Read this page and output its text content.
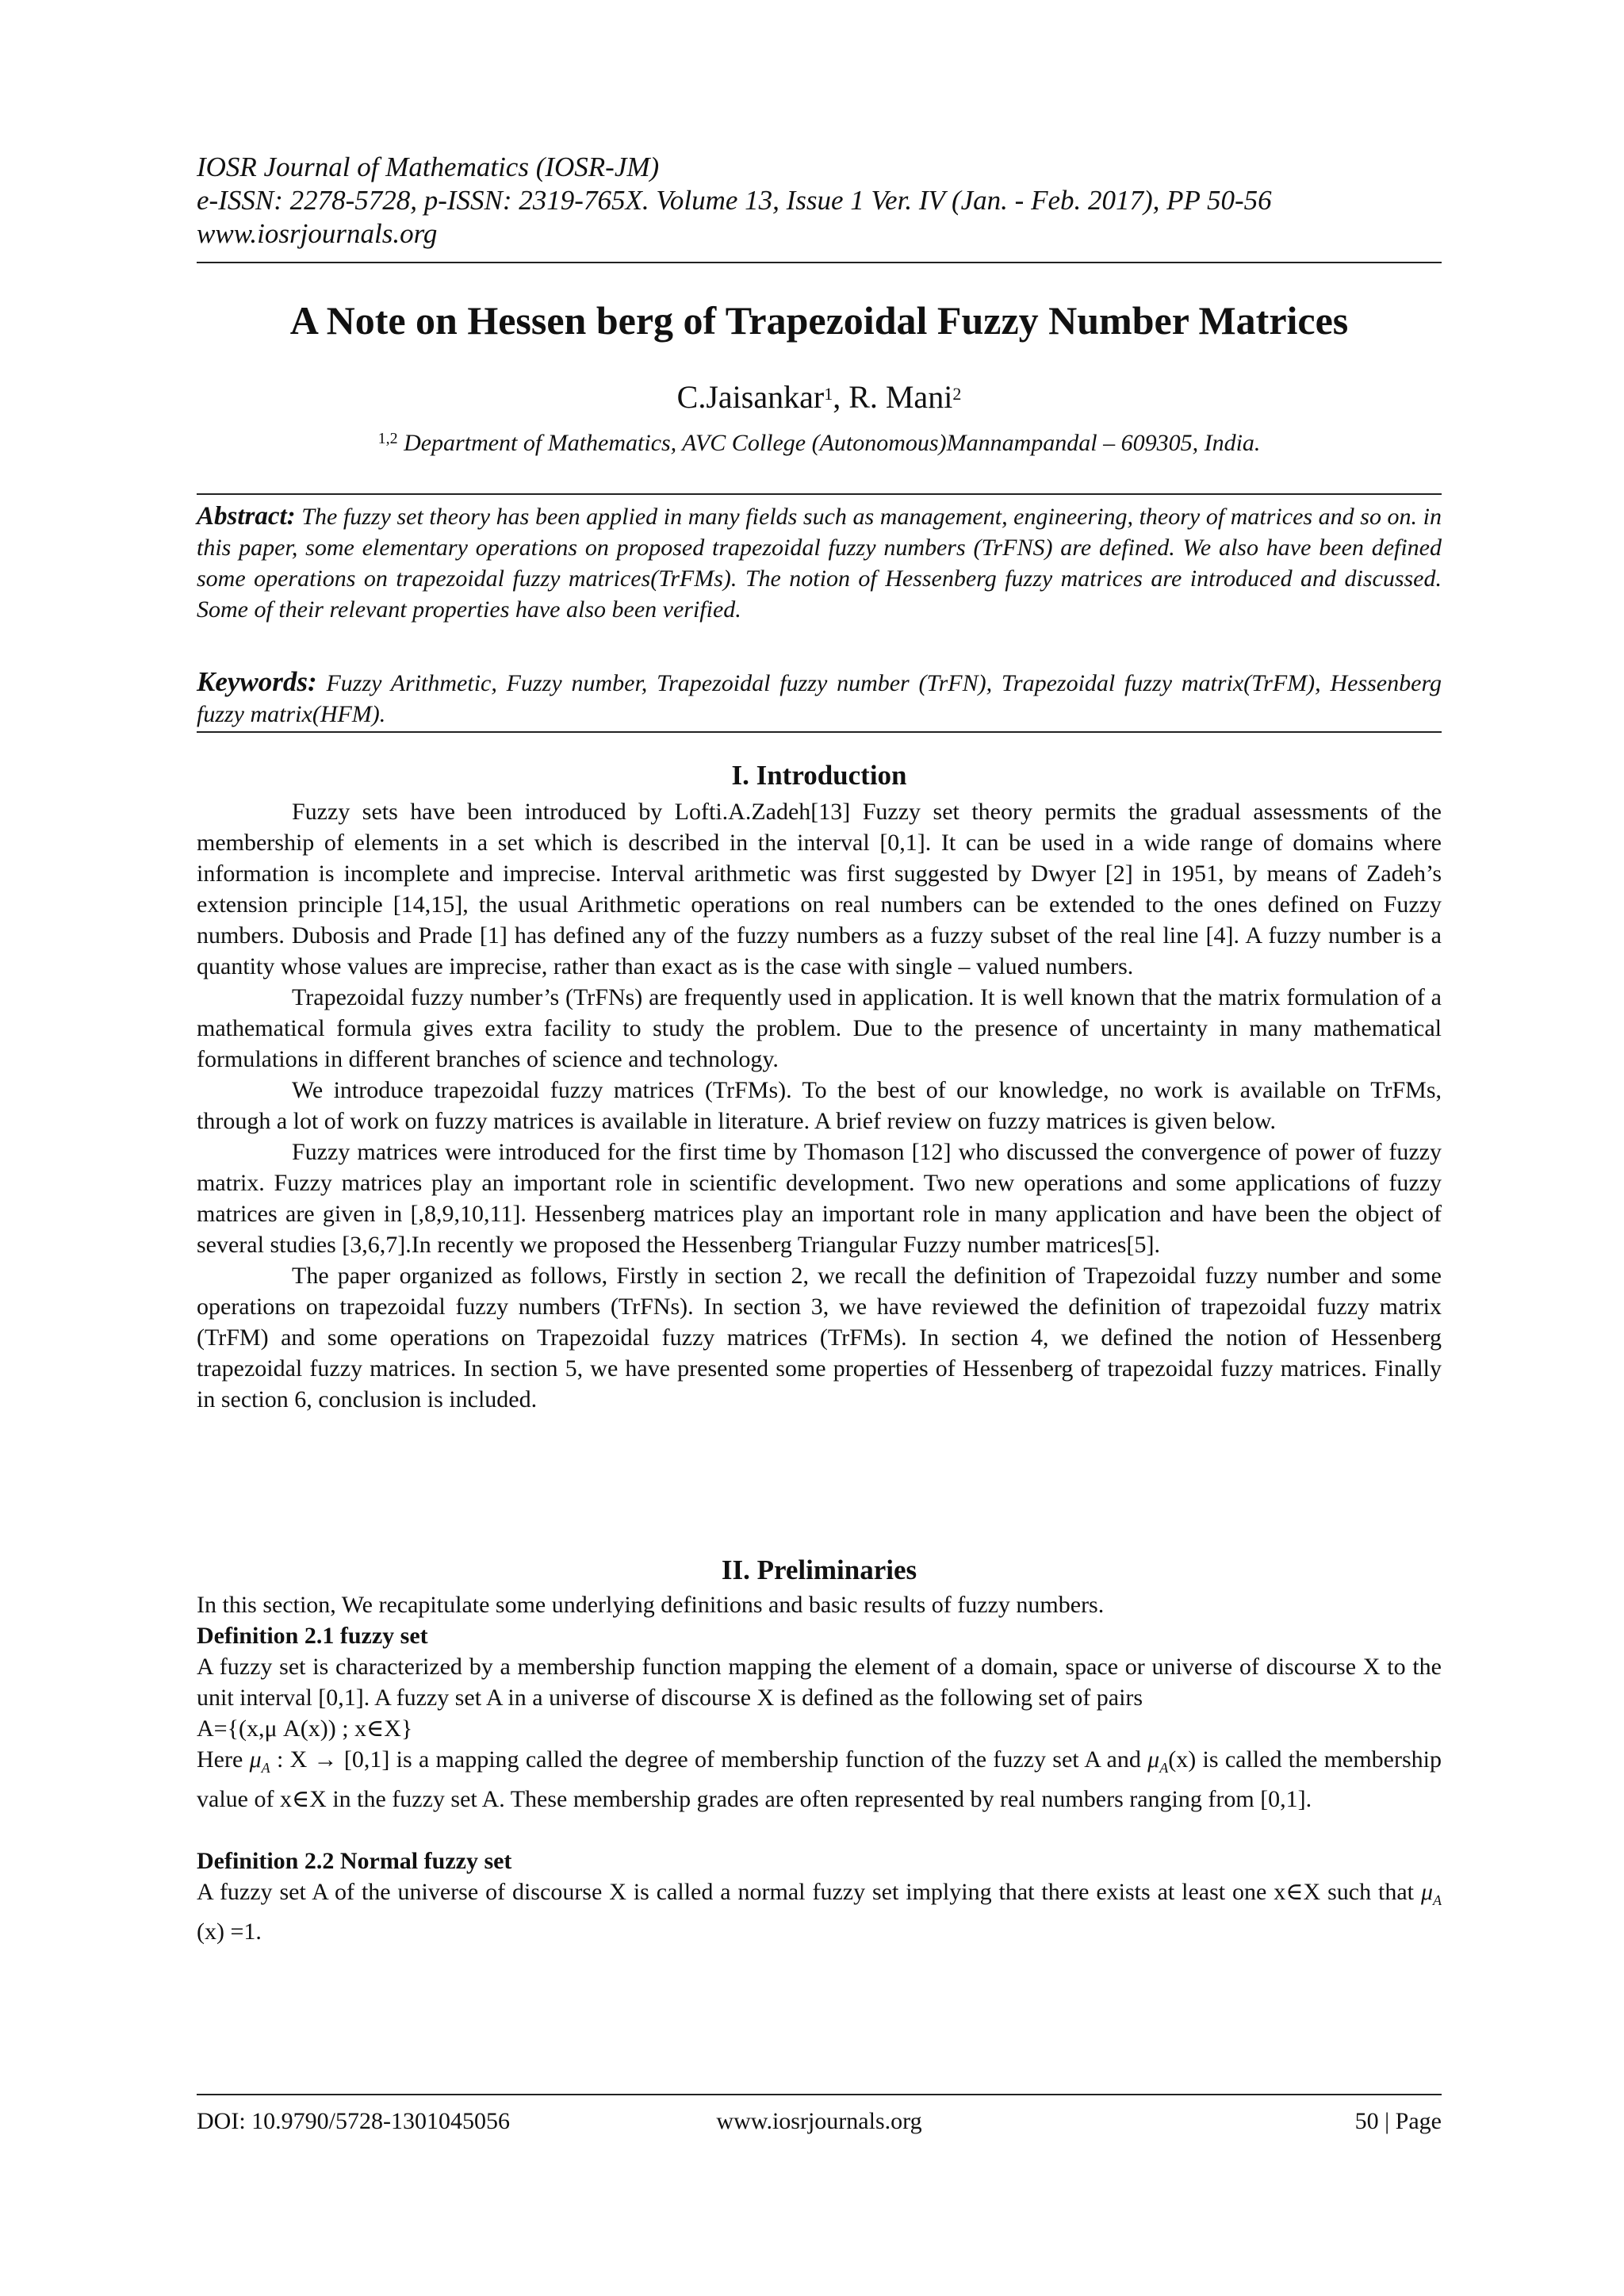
IOSR Journal of Mathematics (IOSR-JM)
e-ISSN: 2278-5728, p-ISSN: 2319-765X. Volume 13, Issue 1 Ver. IV (Jan. - Feb. 2017), PP 50-56
www.iosrjournals.org
A Note on Hessen berg of Trapezoidal Fuzzy Number Matrices
C.Jaisankar$^1$, R. Mani$^2$
$^{1,2}$ Department of Mathematics, AVC College (Autonomous)Mannampandal – 609305, India.
Abstract: The fuzzy set theory has been applied in many fields such as management, engineering, theory of matrices and so on. in this paper, some elementary operations on proposed trapezoidal fuzzy numbers (TrFNS) are defined. We also have been defined some operations on trapezoidal fuzzy matrices(TrFMs). The notion of Hessenberg fuzzy matrices are introduced and discussed. Some of their relevant properties have also been verified.
Keywords: Fuzzy Arithmetic, Fuzzy number, Trapezoidal fuzzy number (TrFN), Trapezoidal fuzzy matrix(TrFM), Hessenberg fuzzy matrix(HFM).
I. Introduction

Fuzzy sets have been introduced by Lofti.A.Zadeh[13] Fuzzy set theory permits the gradual assessments of the membership of elements in a set which is described in the interval [0,1]. It can be used in a wide range of domains where information is incomplete and imprecise. Interval arithmetic was first suggested by Dwyer [2] in 1951, by means of Zadeh’s extension principle [14,15], the usual Arithmetic operations on real numbers can be extended to the ones defined on Fuzzy numbers. Dubosis and Prade [1] has defined any of the fuzzy numbers as a fuzzy subset of the real line [4]. A fuzzy number is a quantity whose values are imprecise, rather than exact as is the case with single – valued numbers.

Trapezoidal fuzzy number’s (TrFNs) are frequently used in application. It is well known that the matrix formulation of a mathematical formula gives extra facility to study the problem. Due to the presence of uncertainty in many mathematical formulations in different branches of science and technology.

We introduce trapezoidal fuzzy matrices (TrFMs). To the best of our knowledge, no work is available on TrFMs, through a lot of work on fuzzy matrices is available in literature. A brief review on fuzzy matrices is given below.

Fuzzy matrices were introduced for the first time by Thomason [12] who discussed the convergence of power of fuzzy matrix. Fuzzy matrices play an important role in scientific development. Two new operations and some applications of fuzzy matrices are given in [,8,9,10,11]. Hessenberg matrices play an important role in many application and have been the object of several studies [3,6,7].In recently we proposed the Hessenberg Triangular Fuzzy number matrices[5].

The paper organized as follows, Firstly in section 2, we recall the definition of Trapezoidal fuzzy number and some operations on trapezoidal fuzzy numbers (TrFNs). In section 3, we have reviewed the definition of trapezoidal fuzzy matrix (TrFM) and some operations on Trapezoidal fuzzy matrices (TrFMs). In section 4, we defined the notion of Hessenberg trapezoidal fuzzy matrices. In section 5, we have presented some properties of Hessenberg of trapezoidal fuzzy matrices. Finally in section 6, conclusion is included.

II. Preliminaries

In this section, We recapitulate some underlying definitions and basic results of fuzzy numbers.

Definition 2.1 fuzzy set

A fuzzy set is characterized by a membership function mapping the element of a domain, space or universe of discourse X to the unit interval [0,1]. A fuzzy set A in a universe of discourse X is defined as the following set of pairs

A={(x,μ A(x)) ; x∈X}

Here $\mu_A$ : X → [0,1] is a mapping called the degree of membership function of the fuzzy set A and $\mu_A(x)$ is called the membership value of x∈X in the fuzzy set A. These membership grades are often represented by real numbers ranging from [0,1].

Definition 2.2 Normal fuzzy set

A fuzzy set A of the universe of discourse X is called a normal fuzzy set implying that there exists at least one x∈X such that $\mu_A$ (x) =1.

DOI: 10.9790/5728-1301045056	www.iosrjournals.org	50 | Page
